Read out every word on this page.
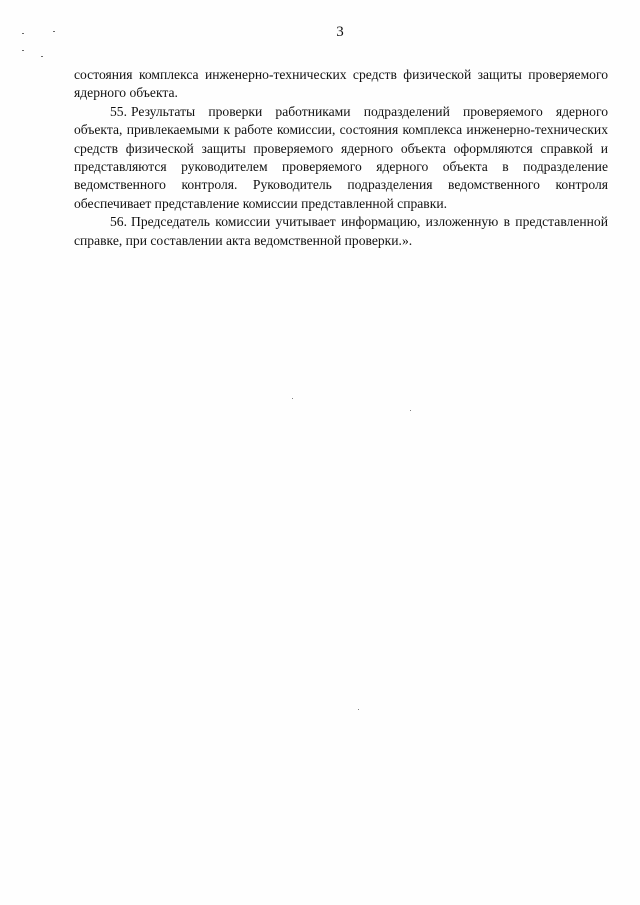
3

состояния комплекса инженерно-технических средств физической защиты проверяемого ядерного объекта.

55. Результаты проверки работниками подразделений проверяемого ядерного объекта, привлекаемыми к работе комиссии, состояния комплекса инженерно-технических средств физической защиты проверяемого ядерного объекта оформляются справкой и представляются руководителем проверяемого ядерного объекта в подразделение ведомственного контроля. Руководитель подразделения ведомственного контроля обеспечивает представление комиссии представленной справки.

56. Председатель комиссии учитывает информацию, изложенную в представленной справке, при составлении акта ведомственной проверки.».
